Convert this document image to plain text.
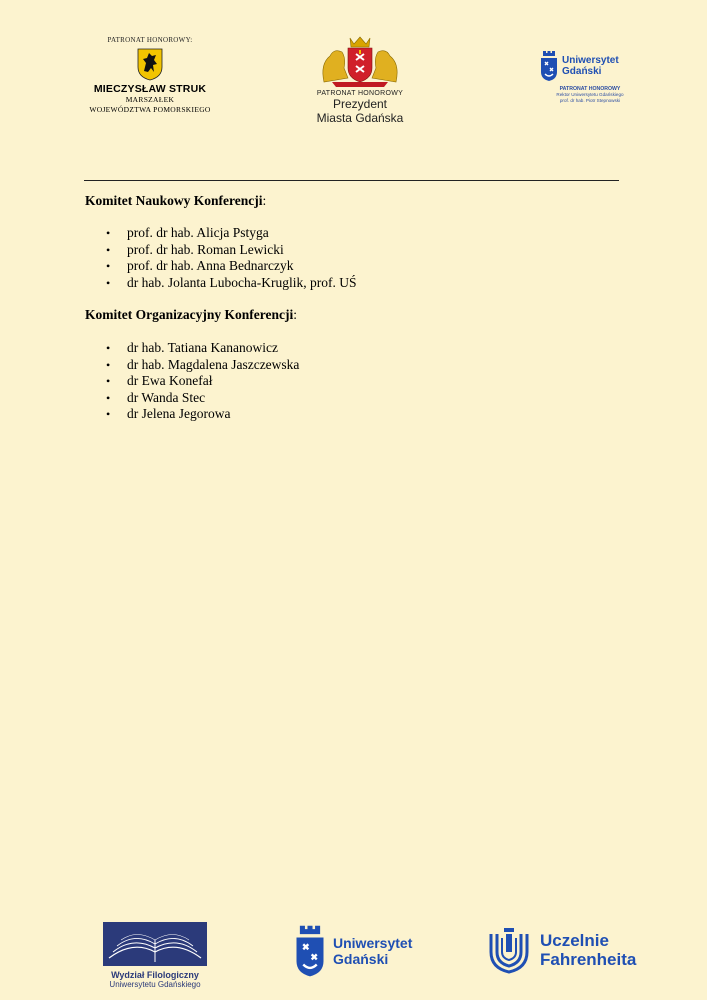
PATRONAT HONOROWY:
MIECZYSŁAW STRUK
MARSZAŁEK
WOJEWÓDZTWA POMORSKIEGO
PATRONAT HONOROWY
Prezydent
Miasta Gdańska
Uniwersytet
Gdański
PATRONAT HONOROWY
Rektor Uniwersytetu Gdańskiego
prof. dr hab. Piotr Stepnowski
Komitet Naukowy Konferencji:
• prof. dr hab. Alicja Pstyga
• prof. dr hab. Roman Lewicki
• prof. dr hab. Anna Bednarczyk
• dr hab. Jolanta Lubocha-Kruglik, prof. UŚ
Komitet Organizacyjny Konferencji:
• dr hab. Tatiana Kananowicz
• dr hab. Magdalena Jaszczewska
• dr Ewa Konefał
• dr Wanda Stec
• dr Jelena Jegorowa
Wydział Filologiczny
Uniwersytetu Gdańskiego
Uniwersytet
Gdański
Uczelnie
Fahrenheita
